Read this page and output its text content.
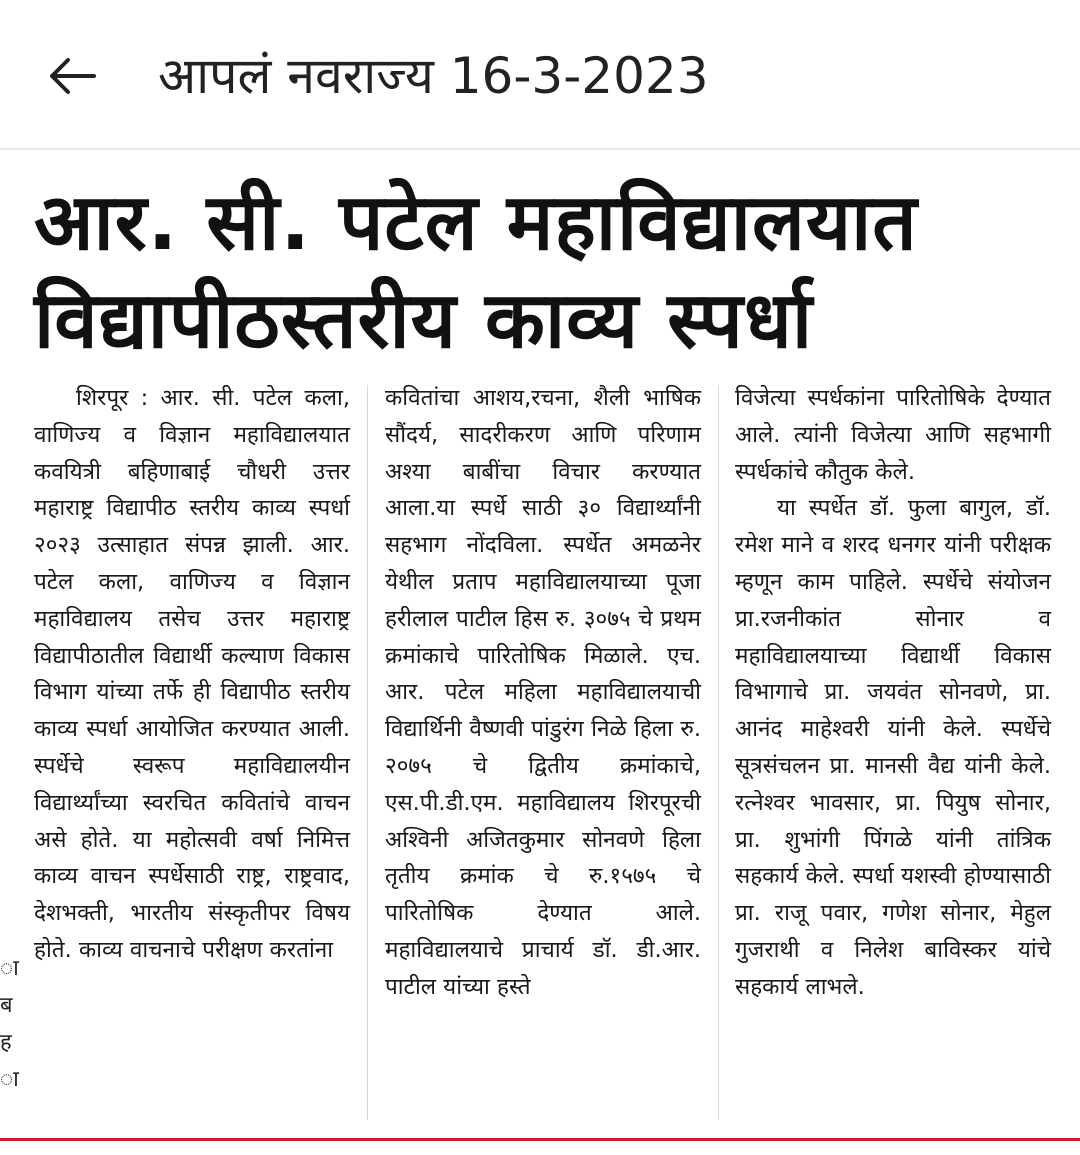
आपलं नवराज्य 16-3-2023
आर. सी. पटेल महाविद्यालयात
विद्यापीठस्तरीय काव्य स्पर्धा
ा ब ह ा

शिरपूर : आर. सी. पटेल कला, वाणिज्य व विज्ञान महाविद्यालयात कवयित्री बहिणाबाई चौधरी उत्तर महाराष्ट्र विद्यापीठ स्तरीय काव्य स्पर्धा २०२३ उत्साहात संपन्न झाली. आर. पटेल कला, वाणिज्य व विज्ञान महाविद्यालय तसेच उत्तर महाराष्ट्र विद्यापीठातील विद्यार्थी कल्याण विकास विभाग यांच्या तर्फे ही विद्यापीठ स्तरीय काव्य स्पर्धा आयोजित करण्यात आली. स्पर्धेचे स्वरूप महाविद्यालयीन विद्यार्थ्यांच्या स्वरचित कवितांचे वाचन असे होते. या महोत्सवी वर्षा निमित्त काव्य वाचन स्पर्धेसाठी राष्ट्र, राष्ट्रवाद, देशभक्ती, भारतीय संस्कृतीपर विषय होते. काव्य वाचनाचे परीक्षण करतांना

कवितांचा आशय,रचना, शैली भाषिक सौंदर्य, सादरीकरण आणि परिणाम अश्या बाबींचा विचार करण्यात आला.या स्पर्धे साठी ३० विद्यार्थ्यांनी सहभाग नोंदविला. स्पर्धेत अमळनेर येथील प्रताप महाविद्यालयाच्या पूजा हरीलाल पाटील हिस रु. ३०७५ चे प्रथम क्रमांकाचे पारितोषिक मिळाले. एच. आर. पटेल महिला महाविद्यालयाची विद्यार्थिनी वैष्णवी पांडुरंग निळे हिला रु. २०७५ चे द्वितीय क्रमांकाचे, एस.पी.डी.एम. महाविद्यालय शिरपूरची अश्विनी अजितकुमार सोनवणे हिला तृतीय क्रमांक चे रु.१५७५ चे पारितोषिक देण्यात आले. महाविद्यालयाचे प्राचार्य डॉ. डी.आर. पाटील यांच्या हस्ते

विजेत्या स्पर्धकांना पारितोषिके देण्यात आले. त्यांनी विजेत्या आणि सहभागी स्पर्धकांचे कौतुक केले.

या स्पर्धेत डॉ. फुला बागुल, डॉ. रमेश माने व शरद धनगर यांनी परीक्षक म्हणून काम पाहिले. स्पर्धेचे संयोजन प्रा.रजनीकांत सोनार व महाविद्यालयाच्या विद्यार्थी विकास विभागाचे प्रा. जयवंत सोनवणे, प्रा. आनंद माहेश्वरी यांनी केले. स्पर्धेचे सूत्रसंचलन प्रा. मानसी वैद्य यांनी केले. रत्नेश्वर भावसार, प्रा. पियुष सोनार, प्रा. शुभांगी पिंगळे यांनी तांत्रिक सहकार्य केले. स्पर्धा यशस्वी होण्यासाठी प्रा. राजू पवार, गणेश सोनार, मेहुल गुजराथी व निलेश बाविस्कर यांचे सहकार्य लाभले.
